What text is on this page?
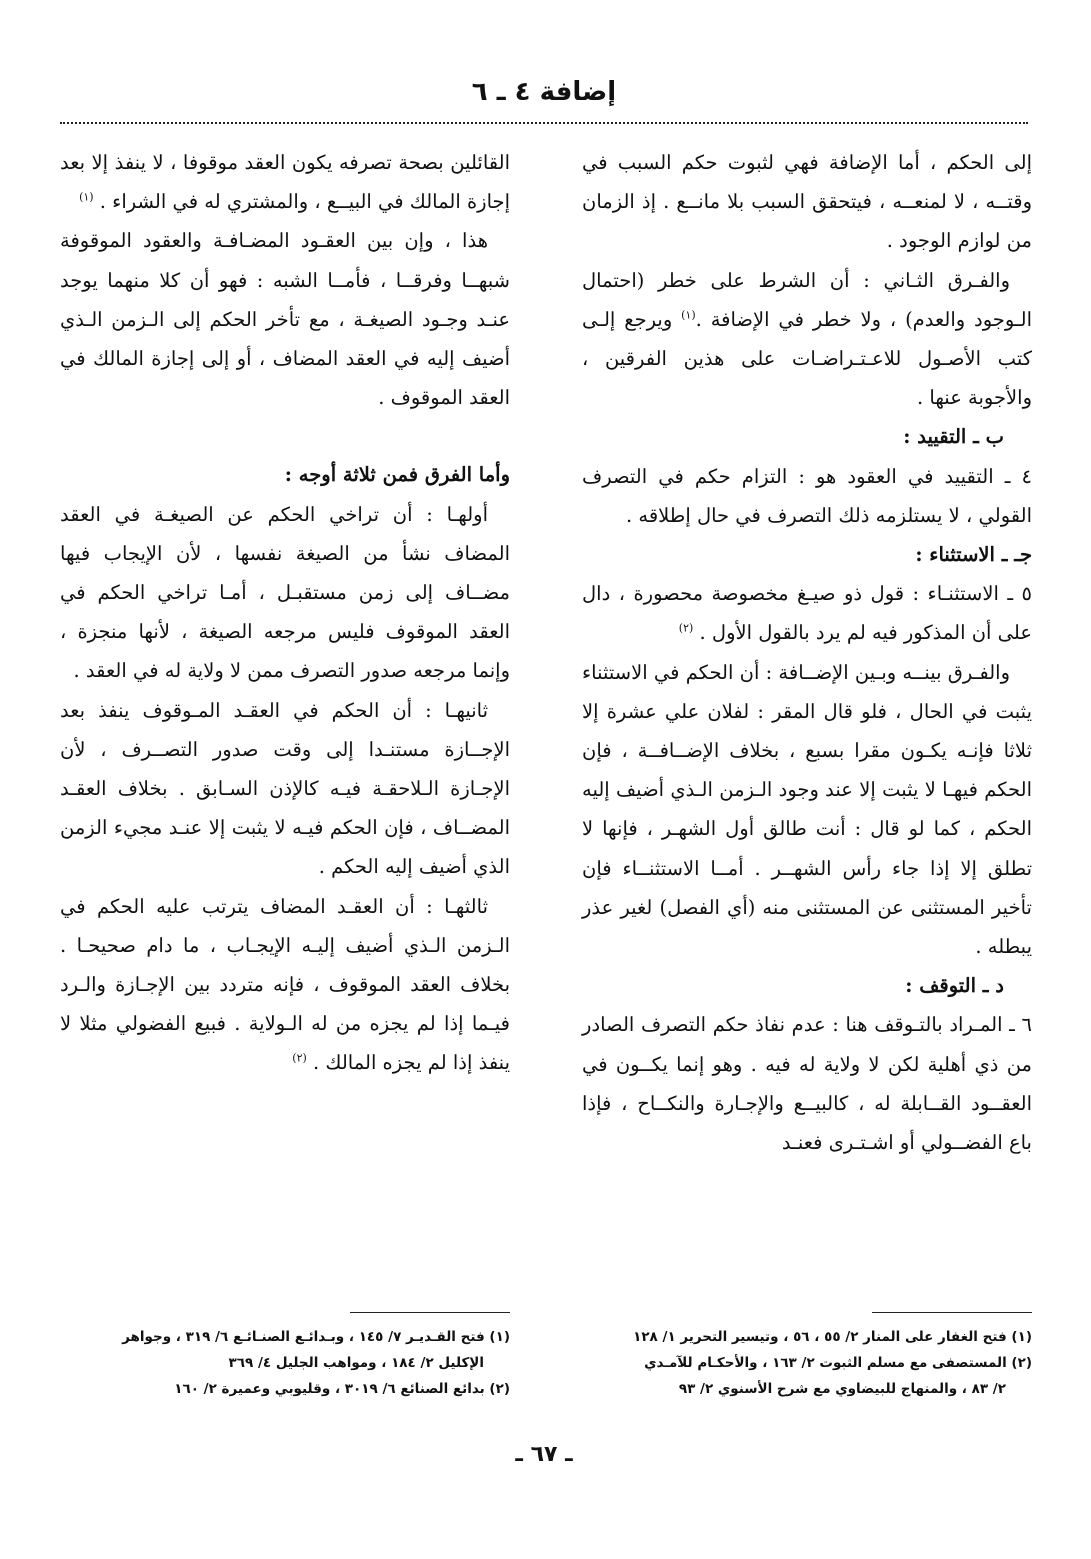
إضافة ٤ ـ ٦

إلى الحكم ، أما الإضافة فهي لثبوت حكم السبب في وقتــه ، لا لمنعــه ، فيتحقق السبب بلا مانــع . إذ الزمان من لوازم الوجود .

والفـرق الثـاني : أن الشرط على خطر (احتمال الـوجود والعدم) ، ولا خطر في الإضافة .$^{(١)}$ ويرجع إلـى كتب الأصـول للاعـتـراضـات على هذين الفرقين ، والأجوبة عنها .

ب ـ التقييد :

٤ ـ التقييد في العقود هو : التزام حكم في التصرف القولي ، لا يستلزمه ذلك التصرف في حال إطلاقه .

جـ ـ الاستثناء :

٥ ـ الاستثنـاء : قول ذو صيـغ مخصوصة محصورة ، دال على أن المذكور فيه لم يرد بالقول الأول . $^{(٢)}$

والفـرق بينــه وبـين الإضــافة : أن الحكم في الاستثناء يثبت في الحال ، فلو قال المقر : لفلان علي عشرة إلا ثلاثا فإنـه يكـون مقرا بسبع ، بخلاف الإضــافــة ، فإن الحكم فيهـا لا يثبت إلا عند وجود الـزمن الـذي أضيف إليه الحكم ، كما لو قال : أنت طالق أول الشهـر ، فإنها لا تطلق إلا إذا جاء رأس الشهــر . أمــا الاستثنــاء فإن تأخير المستثنى عن المستثنى منه (أي الفصل) لغير عذر يبطله .

د ـ التوقف :

٦ ـ المـراد بالتـوقف هنا : عدم نفاذ حكم التصرف الصادر من ذي أهلية لكن لا ولاية له فيه . وهو إنما يكــون في العقــود القــابلة له ، كالبيــع والإجـارة والنكــاح ، فإذا باع الفضــولي أو اشـتـرى فعنـد

القائلين بصحة تصرفه يكون العقد موقوفا ، لا ينفذ إلا بعد إجازة المالك في البيــع ، والمشتري له في الشراء . $^{(١)}$

هذا ، وإن بين العقـود المضـافـة والعقود الموقوفة شبهــا وفرقــا ، فأمــا الشبه : فهو أن كلا منهما يوجد عنـد وجـود الصيغـة ، مع تأخر الحكم إلى الـزمن الـذي أضيف إليه في العقد المضاف ، أو إلى إجازة المالك في العقد الموقوف .

وأما الفرق فمن ثلاثة أوجه :

أولهـا : أن تراخي الحكم عن الصيغـة في العقد المضاف نشأ من الصيغة نفسها ، لأن الإيجاب فيها مضــاف إلى زمن مستقبـل ، أمـا تراخي الحكم في العقد الموقوف فليس مرجعه الصيغة ، لأنها منجزة ، وإنما مرجعه صدور التصرف ممن لا ولاية له في العقد .

ثانيهـا : أن الحكم في العقـد المـوقوف ينفذ بعد الإجــازة مستنـدا إلى وقت صدور التصــرف ، لأن الإجـازة الـلاحقـة فيـه كالإذن السـابق . بخلاف العقـد المضــاف ، فإن الحكم فيـه لا يثبت إلا عنـد مجيء الزمن الذي أضيف إليه الحكم .

ثالثهـا : أن العقـد المضاف يترتب عليه الحكم في الـزمن الـذي أضيف إليـه الإيجـاب ، ما دام صحيحـا . بخلاف العقد الموقوف ، فإنه متردد بين الإجـازة والـرد فيـما إذا لم يجزه من له الـولاية . فبيع الفضولي مثلا لا ينفذ إذا لم يجزه المالك . $^{(٢)}$

(١) فتح الغفار على المنار ٢/ ٥٥ ، ٥٦ ، وتيسير التحرير ١/ ١٢٨

(٢) المستصفى مع مسلم الثبوت ٢/ ١٦٣ ، والأحكـام للآمـدي

٢/ ٨٣ ، والمنهاج للبيضاوي مع شرح الأسنوي ٢/ ٩٣

(١) فتح القـديـر ٧/ ١٤٥ ، وبـدائـع الصنـائـع ٦/ ٣١٩ ، وجواهر

الإكليل ٢/ ١٨٤ ، ومواهب الجليل ٤/ ٣٦٩

(٢) بدائع الصنائع ٦/ ٣٠١٩ ، وقليوبي وعميرة ٢/ ١٦٠

ـ ٦٧ ـ
